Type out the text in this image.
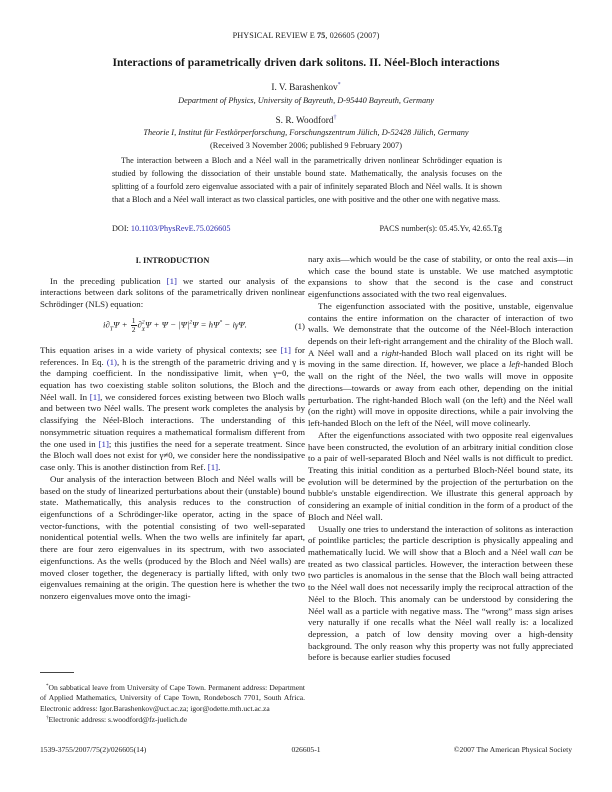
PHYSICAL REVIEW E 75, 026605 (2007)
Interactions of parametrically driven dark solitons. II. Néel-Bloch interactions
I. V. Barashenkov*
Department of Physics, University of Bayreuth, D-95440 Bayreuth, Germany
S. R. Woodford†
Theorie I, Institut für Festkörperforschung, Forschungszentrum Jülich, D-52428 Jülich, Germany
(Received 3 November 2006; published 9 February 2007)
The interaction between a Bloch and a Néel wall in the parametrically driven nonlinear Schrödinger equation is studied by following the dissociation of their unstable bound state. Mathematically, the analysis focuses on the splitting of a fourfold zero eigenvalue associated with a pair of infinitely separated Bloch and Néel walls. It is shown that a Bloch and a Néel wall interact as two classical particles, one with positive and the other one with negative mass.
DOI: 10.1103/PhysRevE.75.026605	PACS number(s): 05.45.Yv, 42.65.Tg
I. INTRODUCTION

In the preceding publication [1] we started our analysis of the interactions between dark solitons of the parametrically driven nonlinear Schrödinger (NLS) equation:

$i\partial_T\Psi + \frac{1}{2} \partial^2_X\Psi + \Psi - |\Psi|^2\Psi = h\Psi^* - i\gamma\Psi$.	(1)

This equation arises in a wide variety of physical contexts; see [1] for references. In Eq. (1), h is the strength of the parametric driving and γ is the damping coefficient. In the nondissipative limit, when γ=0, the equation has two coexisting stable soliton solutions, the Bloch and the Néel wall. In [1], we considered forces existing between two Bloch walls and between two Néel walls. The present work completes the analysis by classifying the Néel-Bloch interactions. The understanding of this nonsymmetric situation requires a mathematical formalism different from the one used in [1]; this justifies the need for a seperate treatment. Since the Bloch wall does not exist for γ≠0, we consider here the nondissipative case only. This is another distinction from Ref. [1].

Our analysis of the interaction between Bloch and Néel walls will be based on the study of linearized perturbations about their (unstable) bound state. Mathematically, this analysis reduces to the construction of eigenfunctions of a Schrödinger-like operator, acting in the space of vector-functions, with the potential consisting of two well-separated nonidentical potential wells. When the two wells are infinitely far apart, there are four zero eigenvalues in its spectrum, with two associated eigenfunctions. As the wells (produced by the Bloch and Néel walls) are moved closer together, the degeneracy is partially lifted, with only two eigenvalues remaining at the origin. The question here is whether the two nonzero eigenvalues move onto the imagi-

*On sabbatical leave from University of Cape Town. Permanent address: Department of Applied Mathematics, University of Cape Town, Rondebosch 7701, South Africa. Electronic address: Igor.Barashenkov@uct.ac.za; igor@odette.mth.uct.ac.za

†Electronic address: s.woodford@fz-juelich.de

nary axis—which would be the case of stability, or onto the real axis—in which case the bound state is unstable. We use matched asymptotic expansions to show that the second is the case and construct eigenfunctions associated with the two real eigenvalues.

The eigenfunction associated with the positive, unstable, eigenvalue contains the entire information on the character of interaction of two walls. We demonstrate that the outcome of the Néel-Bloch interaction depends on their left-right arrangement and the chirality of the Bloch wall. A Néel wall and a right-handed Bloch wall placed on its right will be moving in the same direction. If, however, we place a left-handed Bloch wall on the right of the Néel, the two walls will move in opposite directions—towards or away from each other, depending on the initial perturbation. The right-handed Bloch wall (on the left) and the Néel wall (on the right) will move in opposite directions, while a pair involving the left-handed Bloch on the left of the Néel, will move colinearly.

After the eigenfunctions associated with two opposite real eigenvalues have been constructed, the evolution of an arbitrary initial condition close to a pair of well-separated Bloch and Néel walls is not difficult to predict. Treating this initial condition as a perturbed Bloch-Néel bound state, its evolution will be determined by the projection of the perturbation on the bubble's unstable eigendirection. We illustrate this general approach by considering an example of initial condition in the form of a product of the Bloch and Néel wall.

Usually one tries to understand the interaction of solitons as interaction of pointlike particles; the particle description is physically appealing and mathematically lucid. We will show that a Bloch and a Néel wall can be treated as two classical particles. However, the interaction between these two particles is anomalous in the sense that the Bloch wall being attracted to the Néel wall does not necessarily imply the reciprocal attraction of the Néel to the Bloch. This anomaly can be understood by considering the Néel wall as a particle with negative mass. The “wrong” mass sign arises very naturally if one recalls what the Néel wall really is: a localized depression, a patch of low density moving over a high-density background. The only reason why this property was not fully appreciated before is because earlier studies focused

1539-3755/2007/75(2)/026605(14)	026605-1	©2007 The American Physical Society
